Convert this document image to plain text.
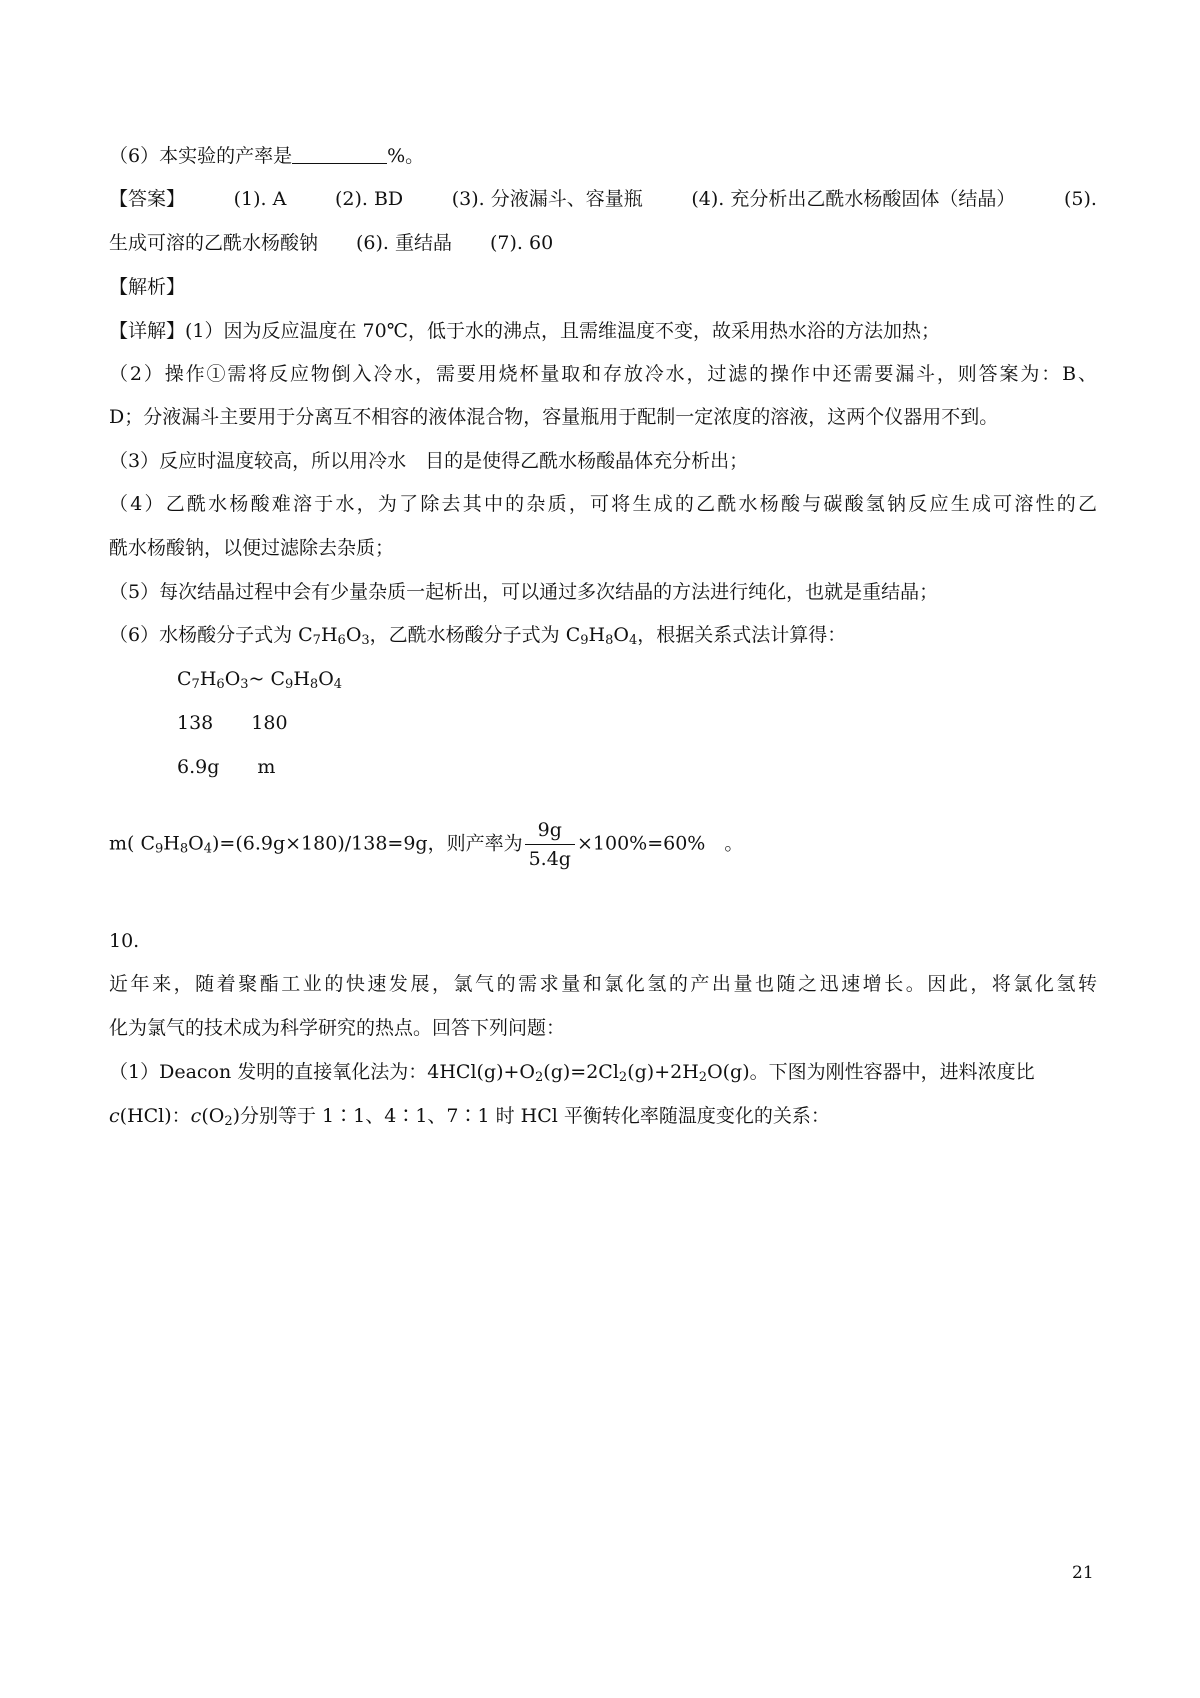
（6）本实验的产率是	%。
【答案】	(1). A	(2). BD	(3). 分液漏斗、容量瓶	(4). 充分析出乙酰水杨酸固体（结晶）	(5).
生成可溶的乙酰水杨酸钠　　(6). 重结晶　　(7). 60
【解析】
【详解】(1）因为反应温度在 70℃，低于水的沸点，且需维温度不变，故采用热水浴的方法加热；
（2）操作①需将反应物倒入冷水，需要用烧杯量取和存放冷水，过滤的操作中还需要漏斗，则答案为：B、
D；分液漏斗主要用于分离互不相容的液体混合物，容量瓶用于配制一定浓度的溶液，这两个仪器用不到。
（3）反应时温度较高，所以用冷水　目的是使得乙酰水杨酸晶体充分析出；
（4）乙酰水杨酸难溶于水，为了除去其中的杂质，可将生成的乙酰水杨酸与碳酸氢钠反应生成可溶性的乙
酰水杨酸钠，以便过滤除去杂质；
（5）每次结晶过程中会有少量杂质一起析出，可以通过多次结晶的方法进行纯化，也就是重结晶；
（6）水杨酸分子式为 $C_7H_6O_3$，乙酰水杨酸分子式为 $C_9H_8O_4$，根据关系式法计算得：
$C_7H_6O_3\sim$ $C_9H_8O_4$
138　　180
6.9g　　m
m( $C_9H_8O_4)=(6.9g\times 180)/138=9g$，则产率为 $\frac{9g}{5.4g} \times 100\%=60\%$　。
10.
近年来，随着聚酯工业的快速发展，氯气的需求量和氯化氢的产出量也随之迅速增长。因此，将氯化氢转
化为氯气的技术成为科学研究的热点。回答下列问题：
（1）Deacon 发明的直接氧化法为：$4HCl(g)+O_2(g)=2Cl_2(g)+2H_2O(g)$。下图为刚性容器中，进料浓度比
c(HCl)：$c(O_2)$分别等于 1∶1、4∶1、7∶1 时 HCl 平衡转化率随温度变化的关系：
21
